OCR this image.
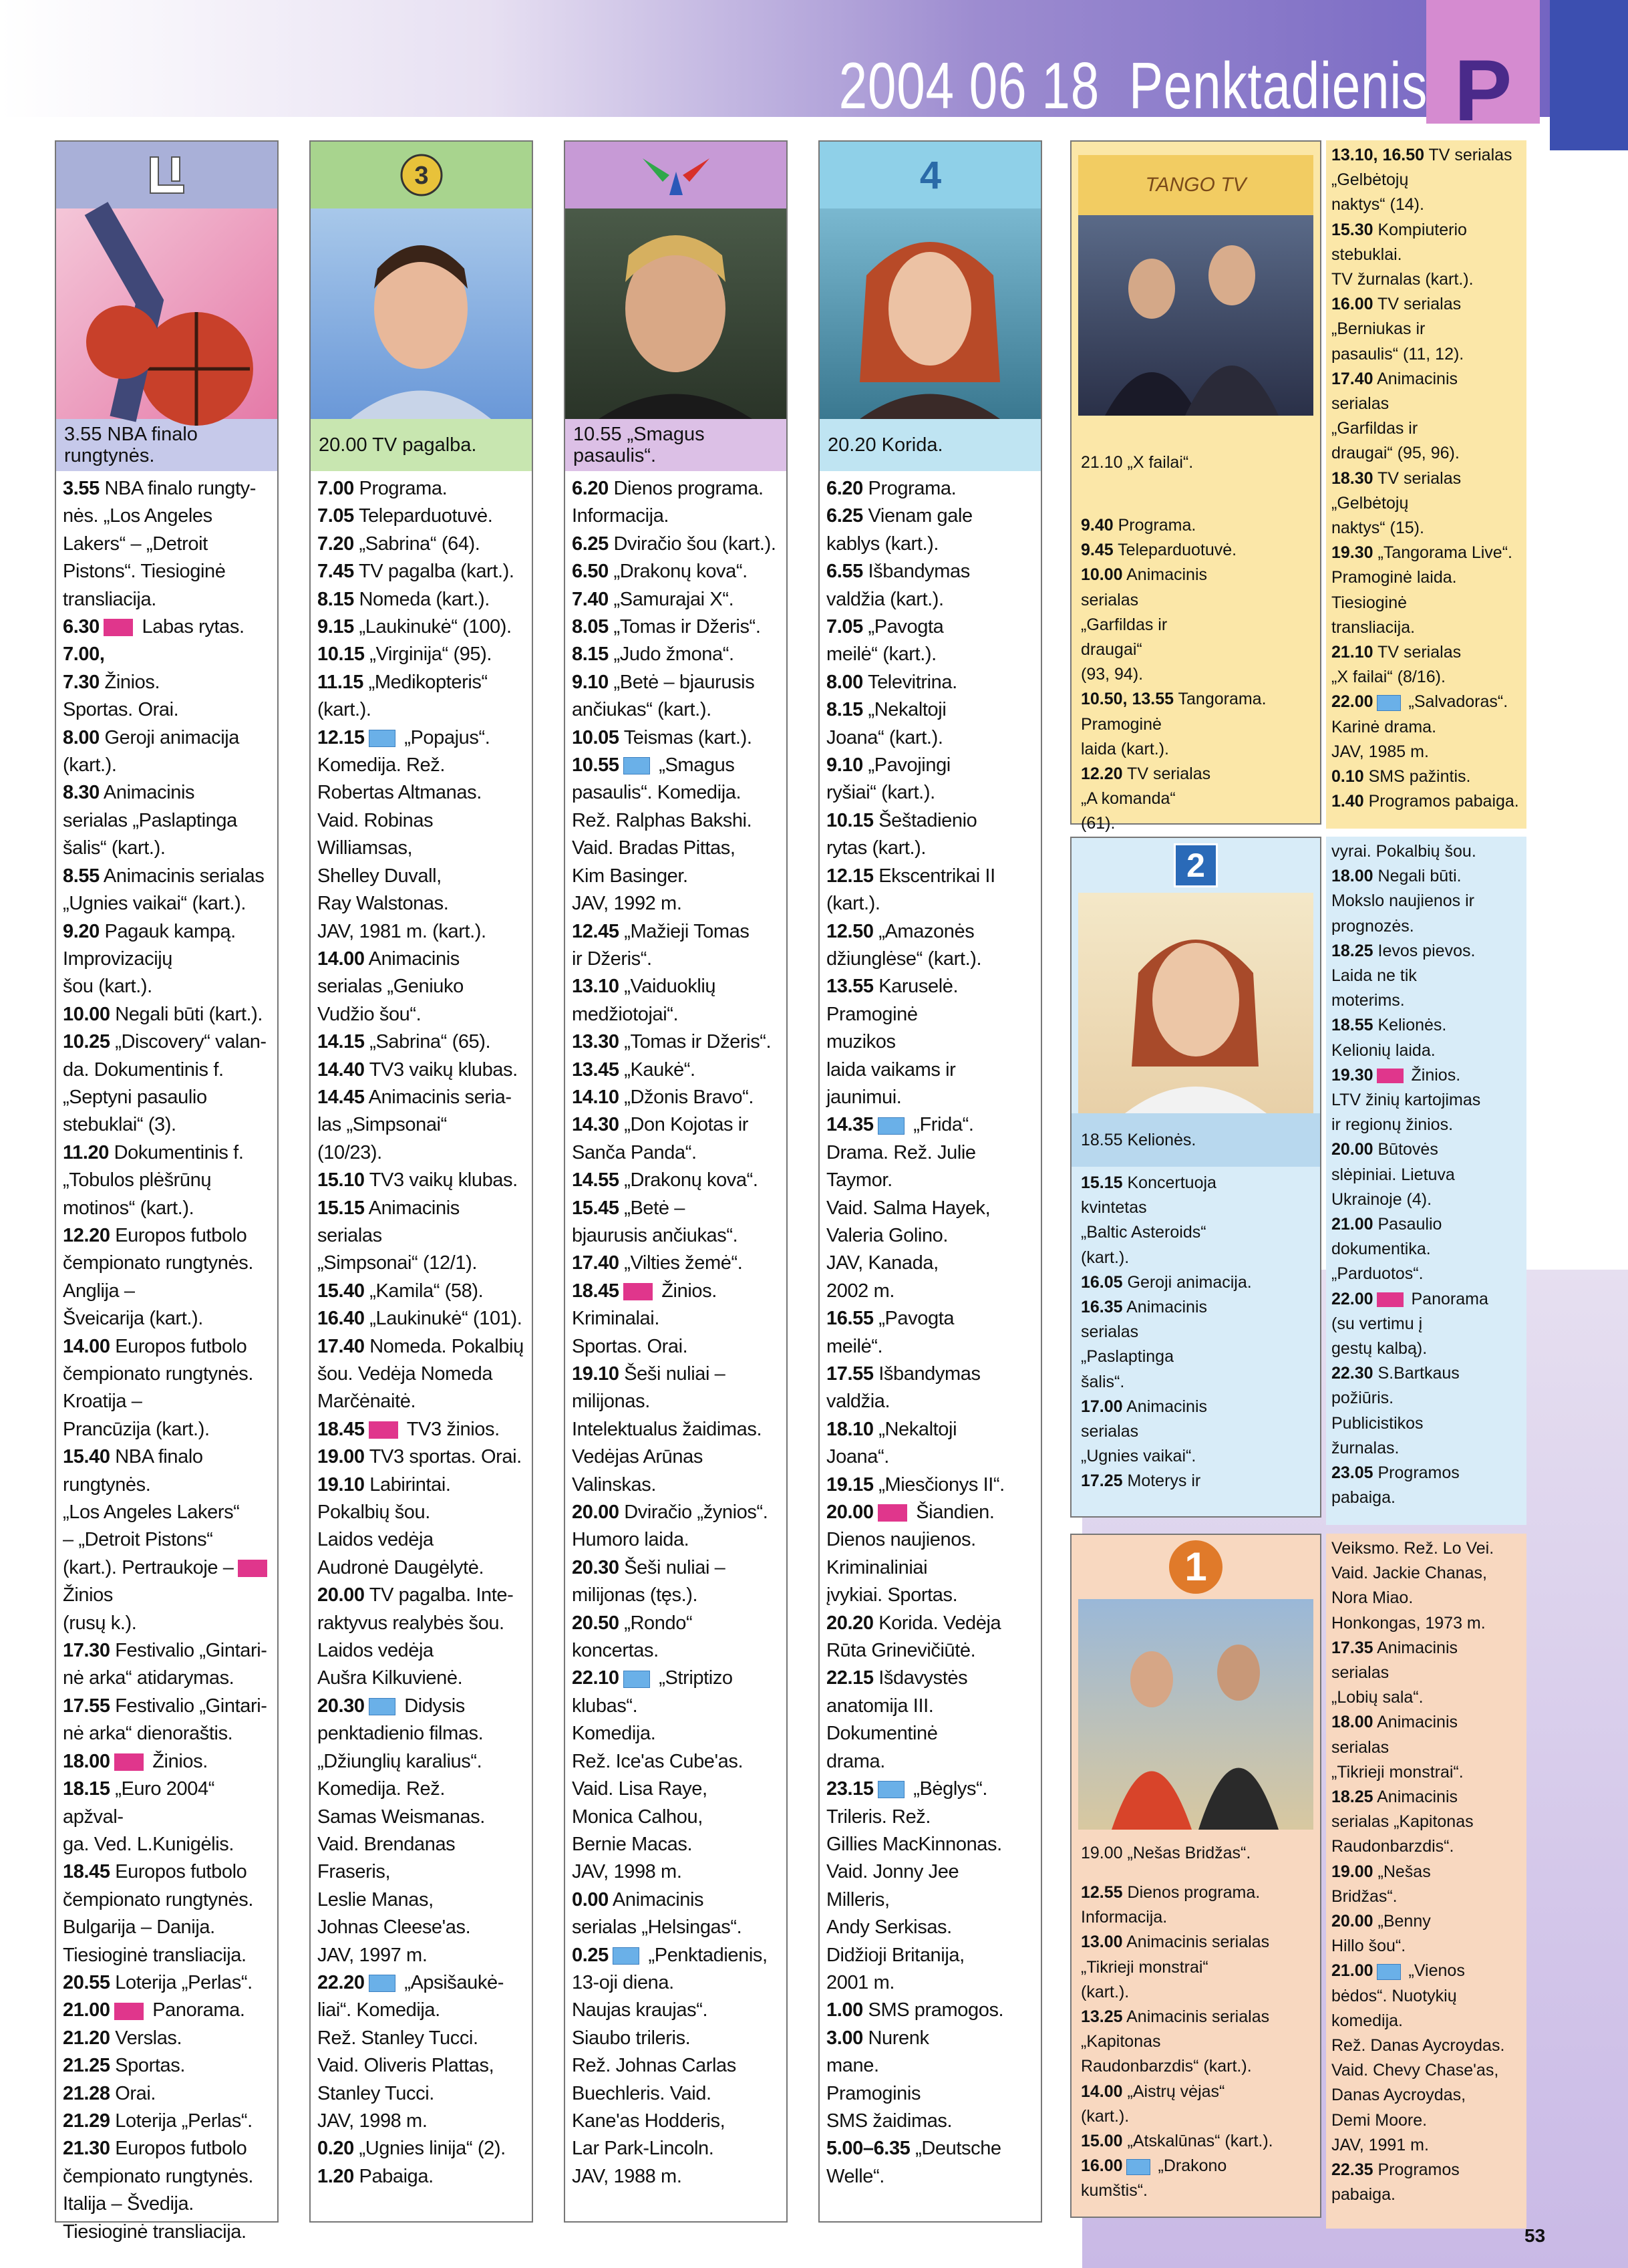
P
2004 06 18 Penktadienis
3.55 NBA finalo rungtynės.
3.55 NBA finalo rungty-
nės. „Los Angeles
Lakers“ – „Detroit
Pistons“. Tiesioginė
transliacija.
6.30 Labas rytas. 7.00,
7.30 Žinios.
Sportas. Orai.
8.00 Geroji animacija
(kart.).
8.30 Animacinis
serialas „Paslaptinga
šalis“ (kart.).
8.55 Animacinis serialas
„Ugnies vaikai“ (kart.).
9.20 Pagauk kampą.
Improvizacijų
šou (kart.).
10.00 Negali būti (kart.).
10.25 „Discovery“ valan-
da. Dokumentinis f.
„Septyni pasaulio
stebuklai“ (3).
11.20 Dokumentinis f.
„Tobulos plėšrūnų
motinos“ (kart.).
12.20 Europos futbolo
čempionato rungtynės.
Anglija –
Šveicarija (kart.).
14.00 Europos futbolo
čempionato rungtynės.
Kroatija –
Prancūzija (kart.).
15.40 NBA finalo
rungtynės.
„Los Angeles Lakers“
– „Detroit Pistons“
(kart.). Pertraukoje – Žinios
(rusų k.).
17.30 Festivalio „Gintari-
nė arka“ atidarymas.
17.55 Festivalio „Gintari-
nė arka“ dienoraštis.
18.00 Žinios.
18.15 „Euro 2004“ apžval-
ga. Ved. L.Kunigėlis.
18.45 Europos futbolo
čempionato rungtynės.
Bulgarija – Danija.
Tiesioginė transliacija.
20.55 Loterija „Perlas“.
21.00 Panorama.
21.20 Verslas.
21.25 Sportas.
21.28 Orai.
21.29 Loterija „Perlas“.
21.30 Europos futbolo
čempionato rungtynės.
Italija – Švedija.
Tiesioginė transliacija.
3
20.00 TV pagalba.
7.00 Programa.
7.05 Teleparduotuvė.
7.20 „Sabrina“ (64).
7.45 TV pagalba (kart.).
8.15 Nomeda (kart.).
9.15 „Laukinukė“ (100).
10.15 „Virginija“ (95).
11.15 „Medikopteris“
(kart.).
12.15 „Popajus“.
Komedija. Rež.
Robertas Altmanas.
Vaid. Robinas
Williamsas,
Shelley Duvall,
Ray Walstonas.
JAV, 1981 m. (kart.).
14.00 Animacinis
serialas „Geniuko
Vudžio šou“.
14.15 „Sabrina“ (65).
14.40 TV3 vaikų klubas.
14.45 Animacinis seria-
las „Simpsonai“
(10/23).
15.10 TV3 vaikų klubas.
15.15 Animacinis
serialas
„Simpsonai“ (12/1).
15.40 „Kamila“ (58).
16.40 „Laukinukė“ (101).
17.40 Nomeda. Pokalbių
šou. Vedėja Nomeda
Marčėnaitė.
18.45 TV3 žinios.
19.00 TV3 sportas. Orai.
19.10 Labirintai.
Pokalbių šou.
Laidos vedėja
Audronė Daugėlytė.
20.00 TV pagalba. Inte-
raktyvus realybės šou.
Laidos vedėja
Aušra Kilkuvienė.
20.30 Didysis
penktadienio filmas.
„Džiunglių karalius“.
Komedija. Rež.
Samas Weismanas.
Vaid. Brendanas
Fraseris,
Leslie Manas,
Johnas Cleese'as.
JAV, 1997 m.
22.20 „Apsišaukė-
liai“. Komedija.
Rež. Stanley Tucci.
Vaid. Oliveris Plattas,
Stanley Tucci.
JAV, 1998 m.
0.20 „Ugnies linija“ (2).
1.20 Pabaiga.
10.55 „Smagus pasaulis“.
6.20 Dienos programa.
Informacija.
6.25 Dviračio šou (kart.).
6.50 „Drakonų kova“.
7.40 „Samurajai X“.
8.05 „Tomas ir Džeris“.
8.15 „Judo žmona“.
9.10 „Betė – bjaurusis
ančiukas“ (kart.).
10.05 Teismas (kart.).
10.55 „Smagus
pasaulis“. Komedija.
Rež. Ralphas Bakshi.
Vaid. Bradas Pittas,
Kim Basinger.
JAV, 1992 m.
12.45 „Mažieji Tomas
ir Džeris“.
13.10 „Vaiduoklių
medžiotojai“.
13.30 „Tomas ir Džeris“.
13.45 „Kaukė“.
14.10 „Džonis Bravo“.
14.30 „Don Kojotas ir
Sanča Panda“.
14.55 „Drakonų kova“.
15.45 „Betė –
bjaurusis ančiukas“.
17.40 „Vilties žemė“.
18.45 Žinios.
Kriminalai.
Sportas. Orai.
19.10 Šeši nuliai –
milijonas.
Intelektualus žaidimas.
Vedėjas Arūnas
Valinskas.
20.00 Dviračio „žynios“.
Humoro laida.
20.30 Šeši nuliai –
milijonas (tęs.).
20.50 „Rondo“
koncertas.
22.10 „Striptizo
klubas“.
Komedija.
Rež. Ice'as Cube'as.
Vaid. Lisa Raye,
Monica Calhou,
Bernie Macas.
JAV, 1998 m.
0.00 Animacinis
serialas „Helsingas“.
0.25 „Penktadienis,
13-oji diena.
Naujas kraujas“.
Siaubo trileris.
Rež. Johnas Carlas
Buechleris. Vaid.
Kane'as Hodderis,
Lar Park-Lincoln.
JAV, 1988 m.
4
20.20 Korida.
6.20 Programa.
6.25 Vienam gale
kablys (kart.).
6.55 Išbandymas
valdžia (kart.).
7.05 „Pavogta
meilė“ (kart.).
8.00 Televitrina.
8.15 „Nekaltoji
Joana“ (kart.).
9.10 „Pavojingi
ryšiai“ (kart.).
10.15 Šeštadienio
rytas (kart.).
12.15 Ekscentrikai II
(kart.).
12.50 „Amazonės
džiunglėse“ (kart.).
13.55 Karuselė.
Pramoginė
muzikos
laida vaikams ir
jaunimui.
14.35 „Frida“.
Drama. Rež. Julie
Taymor.
Vaid. Salma Hayek,
Valeria Golino.
JAV, Kanada,
2002 m.
16.55 „Pavogta
meilė“.
17.55 Išbandymas
valdžia.
18.10 „Nekaltoji
Joana“.
19.15 „Miesčionys II“.
20.00 Šiandien.
Dienos naujienos.
Kriminaliniai
įvykiai. Sportas.
20.20 Korida. Vedėja
Rūta Grinevičiūtė.
22.15 Išdavystės
anatomija III.
Dokumentinė
drama.
23.15 „Bėglys“.
Trileris. Rež.
Gillies MacKinnonas.
Vaid. Jonny Jee
Milleris,
Andy Serkisas.
Didžioji Britanija,
2001 m.
1.00 SMS pramogos.
3.00 Nurenk
mane.
Pramoginis
SMS žaidimas.
5.00–6.35 „Deutsche
Welle“.
TANGO TV
21.10 „X failai“.
9.40 Programa.
9.45 Teleparduotuvė.
10.00 Animacinis
serialas
„Garfildas ir
draugai“
(93, 94).
10.50, 13.55 Tangorama.
Pramoginė
laida (kart.).
12.20 TV serialas
„A komanda“
(61).
2
18.55 Kelionės.
15.15 Koncertuoja
kvintetas
„Baltic Asteroids“
(kart.).
16.05 Geroji animacija.
16.35 Animacinis
serialas
„Paslaptinga
šalis“.
17.00 Animacinis
serialas
„Ugnies vaikai“.
17.25 Moterys ir
1
19.00 „Nešas Bridžas“.
12.55 Dienos programa.
Informacija.
13.00 Animacinis serialas
„Tikrieji monstrai“
(kart.).
13.25 Animacinis serialas
„Kapitonas
Raudonbarzdis“ (kart.).
14.00 „Aistrų vėjas“
(kart.).
15.00 „Atskalūnas“ (kart.).
16.00 „Drakono
kumštis“.
13.10, 16.50 TV serialas
„Gelbėtojų
naktys“ (14).
15.30 Kompiuterio
stebuklai.
TV žurnalas (kart.).
16.00 TV serialas
„Berniukas ir
pasaulis“ (11, 12).
17.40 Animacinis
serialas
„Garfildas ir
draugai“ (95, 96).
18.30 TV serialas
„Gelbėtojų
naktys“ (15).
19.30 „Tangorama Live“.
Pramoginė laida.
Tiesioginė
transliacija.
21.10 TV serialas
„X failai“ (8/16).
22.00 „Salvadoras“.
Karinė drama.
JAV, 1985 m.
0.10 SMS pažintis.
1.40 Programos pabaiga.
vyrai. Pokalbių šou.
18.00 Negali būti.
Mokslo naujienos ir
prognozės.
18.25 Ievos pievos.
Laida ne tik
moterims.
18.55 Kelionės.
Kelionių laida.
19.30 Žinios.
LTV žinių kartojimas
ir regionų žinios.
20.00 Būtovės
slėpiniai. Lietuva
Ukrainoje (4).
21.00 Pasaulio
dokumentika.
„Parduotos“.
22.00 Panorama
(su vertimu į
gestų kalbą).
22.30 S.Bartkaus
požiūris.
Publicistikos
žurnalas.
23.05 Programos
pabaiga.
Veiksmo. Rež. Lo Vei.
Vaid. Jackie Chanas,
Nora Miao.
Honkongas, 1973 m.
17.35 Animacinis
serialas
„Lobių sala“.
18.00 Animacinis
serialas
„Tikrieji monstrai“.
18.25 Animacinis
serialas „Kapitonas
Raudonbarzdis“.
19.00 „Nešas
Bridžas“.
20.00 „Benny
Hillo šou“.
21.00 „Vienos
bėdos“. Nuotykių
komedija.
Rež. Danas Aycroydas.
Vaid. Chevy Chase'as,
Danas Aycroydas,
Demi Moore.
JAV, 1991 m.
22.35 Programos
pabaiga.
53
